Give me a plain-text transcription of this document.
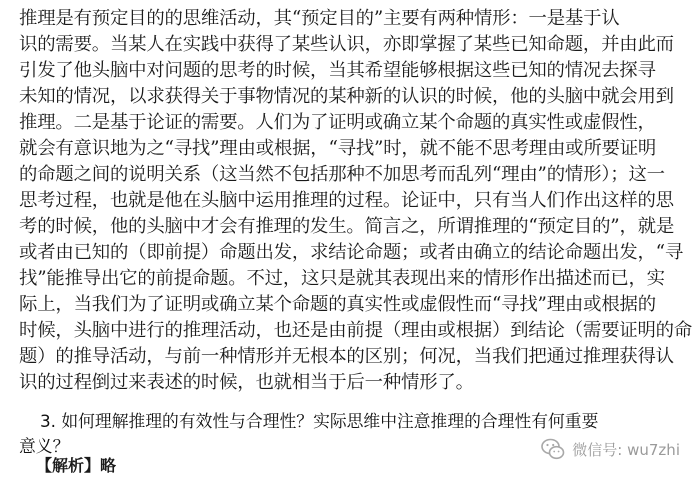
推理是有预定目的的思维活动，其“预定目的”主要有两种情形：一是基于认
识的需要。当某人在实践中获得了某些认识，亦即掌握了某些已知命题，并由此而
引发了他头脑中对问题的思考的时候，当其希望能够根据这些已知的情况去探寻
未知的情况，以求获得关于事物情况的某种新的认识的时候，他的头脑中就会用到
推理。二是基于论证的需要。人们为了证明或确立某个命题的真实性或虚假性，
就会有意识地为之“寻找”理由或根据，“寻找”时，就不能不思考理由或所要证明
的命题之间的说明关系（这当然不包括那种不加思考而乱列“理由”的情形）；这一
思考过程，也就是他在头脑中运用推理的过程。论证中，只有当人们作出这样的思
考的时候，他的头脑中才会有推理的发生。简言之，所谓推理的“预定目的”，就是
或者由已知的（即前提）命题出发，求结论命题；或者由确立的结论命题出发，“寻
找”能推导出它的前提命题。不过，这只是就其表现出来的情形作出描述而已，实
际上，当我们为了证明或确立某个命题的真实性或虚假性而“寻找”理由或根据的
时候，头脑中进行的推理活动，也还是由前提（理由或根据）到结论（需要证明的命
题）的推导活动，与前一种情形并无根本的区别；何况，当我们把通过推理获得认
识的过程倒过来表述的时候，也就相当于后一种情形了。
3. 如何理解推理的有效性与合理性？实际思维中注意推理的合理性有何重要
意义？
【解析】略
微信号: wu7zhi
